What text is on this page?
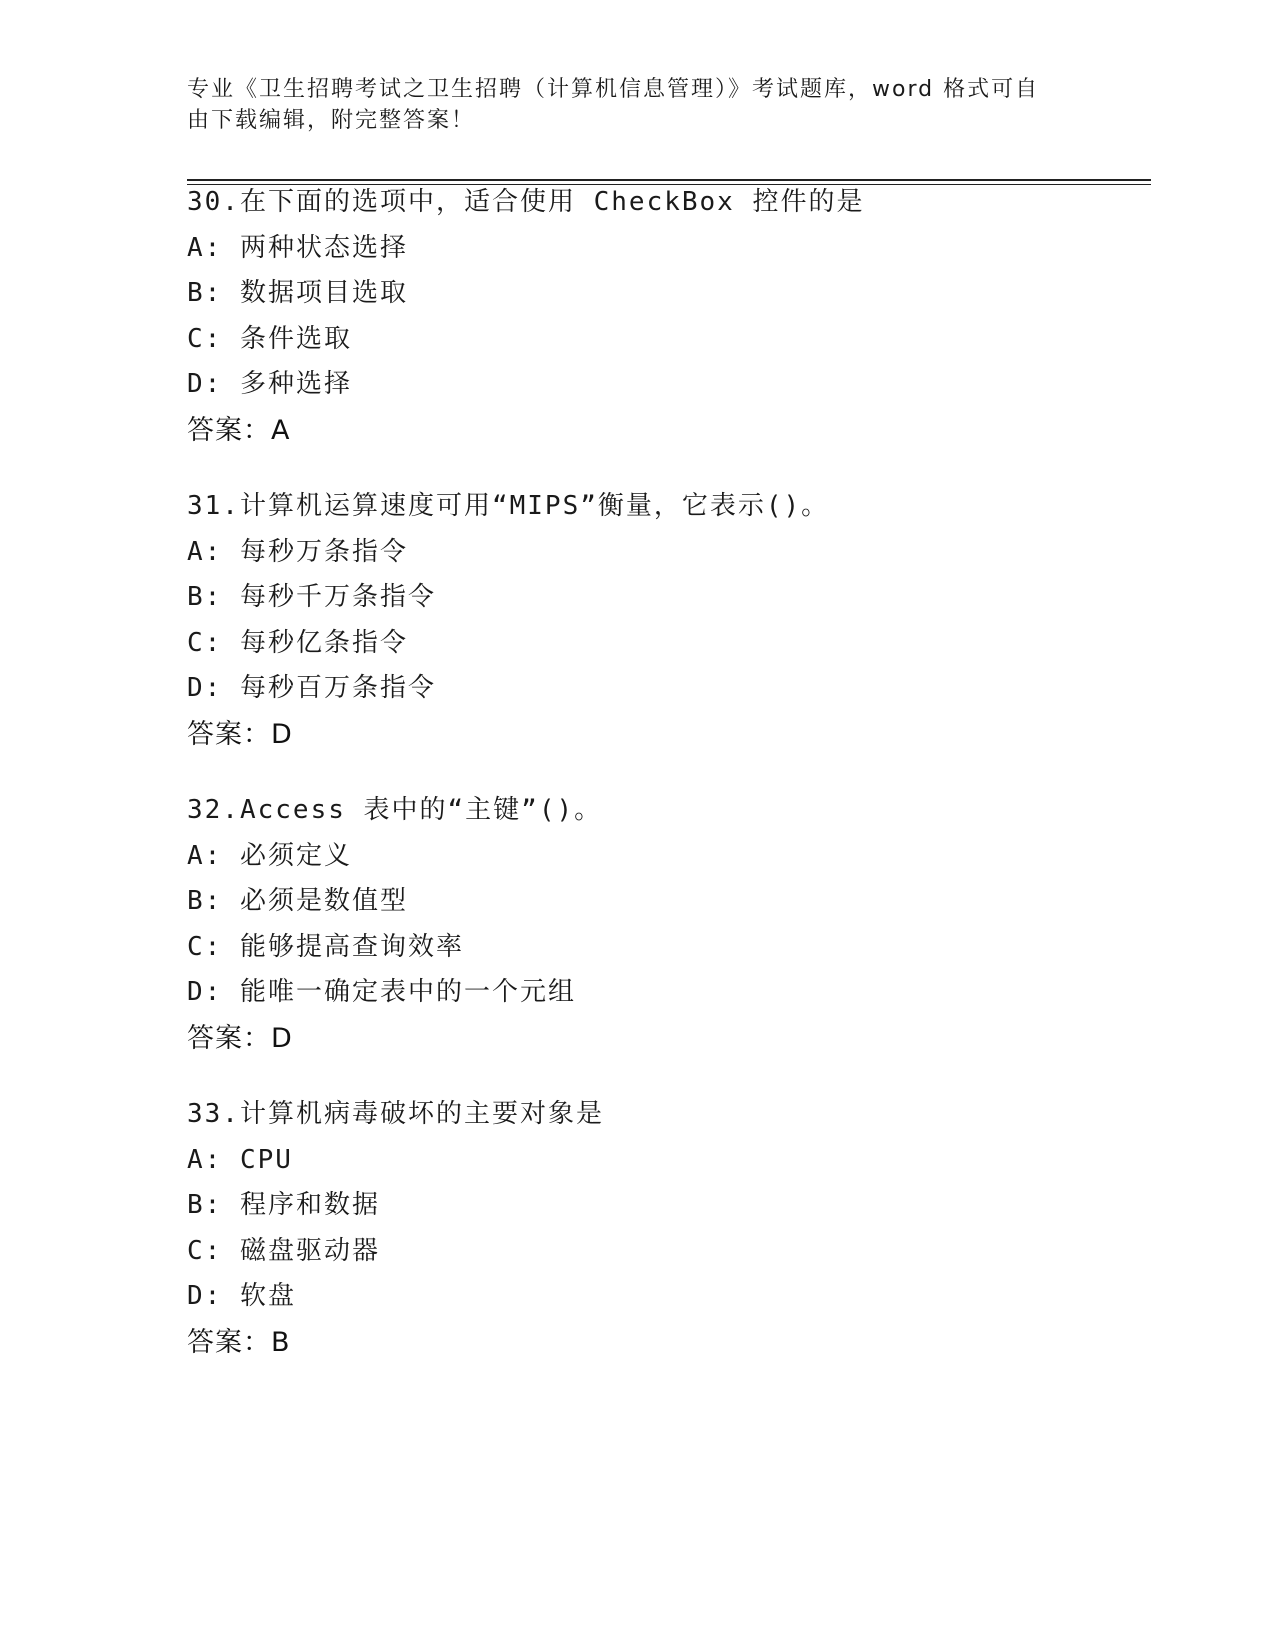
专业《卫生招聘考试之卫生招聘（计算机信息管理）》考试题库，word 格式可自
由下载编辑，附完整答案！
30.在下面的选项中，适合使用 CheckBox 控件的是
A: 两种状态选择
B: 数据项目选取
C: 条件选取
D: 多种选择
答案：A
31.计算机运算速度可用“MIPS”衡量，它表示()。
A: 每秒万条指令
B: 每秒千万条指令
C: 每秒亿条指令
D: 每秒百万条指令
答案：D
32.Access 表中的“主键”()。
A: 必须定义
B: 必须是数值型
C: 能够提高查询效率
D: 能唯一确定表中的一个元组
答案：D
33.计算机病毒破坏的主要对象是
A: CPU
B: 程序和数据
C: 磁盘驱动器
D: 软盘
答案：B
